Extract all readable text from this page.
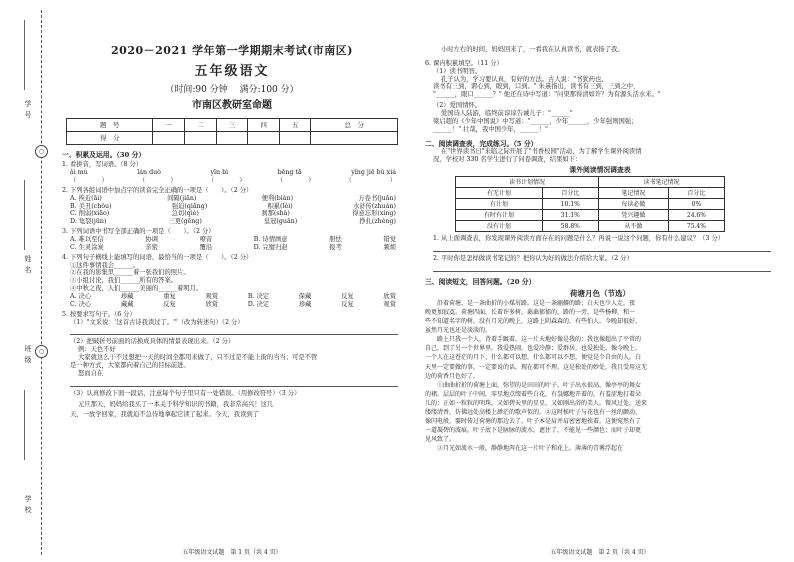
○
○
学号
姓名
班级
学校
2020－2021 学年第一学期期末考试(市南区)
五年级语文
（时间:90 分钟　 满分:100 分）
市南区教研室命题
题　号	一	二	三	四	五	总　分
得　分						
一、积累及运用。（30 分）
1. 看拼音，写词语。（8 分）
ài mù	lán duò	yīn bì	bēng tā	yǐng jiē bù xiá
（　　　　）	（　　　　）	（　　　　）	（　　　　）	（　　　　　　）
2. 下列各组词语中加点字的读音完全正确的一项是（　　）。（2 分）
A. 挨近(āi)	间隔(jiān)	便利(biàn)	万卷书(juǎn)
B. 美丑(chǒu)	强迫(qiǎng)	积累(lěi)	水浒传(zhuàn)
C. 削弱(xiāo)	急切(qiè)	刹那(shà)	得意忘形(xíng)
D. 龟裂(jūn)	三更(gēng)	皇冠(guān)	挣扎(zhèng)
3. 下列词语中书写全部正确的一项是（　　）。（2 分）
A. 难以至信	协调	嘹音	B. 诗情画意	胆怯	错觉
C. 生灵涂炭	亲密	覆沿	D. 完璧归赵	报考	频烦
4. 下列句子横线上能填写的词语，最恰当的一项是（　　）。（2 分）
①这件事情我会______。
②在我的影集里______着一张我们的照片。
③小组讨论，我们______所有的答案。
④中秋之夜，人们______美丽的______着明月。
A. 决心	珍藏	重复	观赏	B. 决定	保藏	反复	欣赏
C. 决心	藏藏	反复	欣赏	D. 决定	珍藏	反复	观赏
5. 按要求写句子。（6 分）
（1）"文采说：'这首古诗我读过了。'"（改为转述句）（2 分）
（2）把破折号前面的话换成具体的情景表现出来。（2 分）
例：天色不好
大家就这么干不过想把一天的时间全都用来做了，只不过是不能上街的当当；可是不管
是一种方式，大家都向着自己的目标前进。
怒而自在
（3）认真修改下面一段话，注意每个句子里只有一处错误。（用修改符号）（3 分）
元旦那天，妈妈给我买了一本关于科学知识的书籍，我非常高兴！这几
天，一放学回家，我就迫不急待地拿起它读了起来。今天，我读到了
五年级语文试题　第 1 页（共 4 页）
小时左右的时间，妈妈回来了，一看我在认真读书，就表扬了我。
6. 课内积累填空。（11 分）
（1）读书明智。
孔子认为，学习要认真，有好的方法。古人说："书犹药也，
读书有三到，谓心到，眼到，口到。" 朱熹指出，读书有三到，三到之中，
"______，眼口______？" 他还在诗中写道："问渠那得清如许？为有源头活水来。"
（2）爱国情怀。
爱国诗人陆游，临终前谆谆告诫儿子："______"
梁启超的《少年中国说》中写道："______，少年______，少年强则国强；
______！" 壮哉，我中国少年，______！"
二、阅读调查表，完成练习。（5 分）
在"世界读书日"来临之际开展了"书香校园"活动，为了解学生课外阅读情
况，学校对 330 名学生进行了问卷调查，结果如下：
课外阅读情况调查表
读书计划情况		读书笔记情况	
有无计划	百分比	笔记情况	百分比
有计划	10.1%	每读必做	0%
有时有计划	31.1%	凭兴趣做	24.6%
没有计划	58.8%	从不做	75.4%
1. 从上面调查表，你发现课外阅读方面存在的问题是什么？再说一说这个问题，你有什么建议？（3 分）
2. 平时你是怎样做读书笔记的？把你认为好的做法介绍给大家。（2 分）
三、阅读短文，回答问题。（20 分）
荷塘月色（节选）
沿着荷塘，是一条曲折的小煤屑路。这是一条幽僻的路；白天也少人走，夜
晚更加寂寞。荷塘四面，长着许多树，蓊蓊郁郁的。路的一旁，是些杨柳，和一
些不知道名字的树。没有月光的晚上，这路上阴森森的，有些怕人。今晚却很好，
虽然月光也还是淡淡的。
路上只我一个人，背着手踱着。这一片天地好像是我的；我也像超出了平常的
自己，到了另一个世界里。我爱热闹，也爱冷静；爱群居，也爱独处。像今晚上，
一个人在这苍茫的月下，什么都可以想，什么都可以不想，便觉是个自由的人。白
天里一定要做的事，一定要说的话，现在都可不理。这是独处的妙处，我且受用这无
边的荷香月色好了。
①曲曲折折的荷塘上面，弥望的是田田的叶子。叶子出水很高，像亭亭的舞女
的裙。层层的叶子中间，零星地点缀着些白花，有袅娜地开着的，有羞涩地打着朵
儿的；正如一粒粒的明珠，又如碧天里的星星，又如刚出浴的美人。微风过处，送来
缕缕清香，仿佛远处高楼上渺茫的歌声似的。②这时候叶子与花也有一丝的颤动，
像闪电般，霎时传过荷塘的那边去了。叶子本是肩并肩密密地挨着，这便宛然有了
一道凝碧的波痕。叶子底下是脉脉的流水，遮住了，不能见一些颜色；而叶子却更
见风致了。
③月光如流水一般，静静地泻在这一片叶子和花上。薄薄的青雾浮起在
五年级语文试题　第 2 页（共 4 页）
